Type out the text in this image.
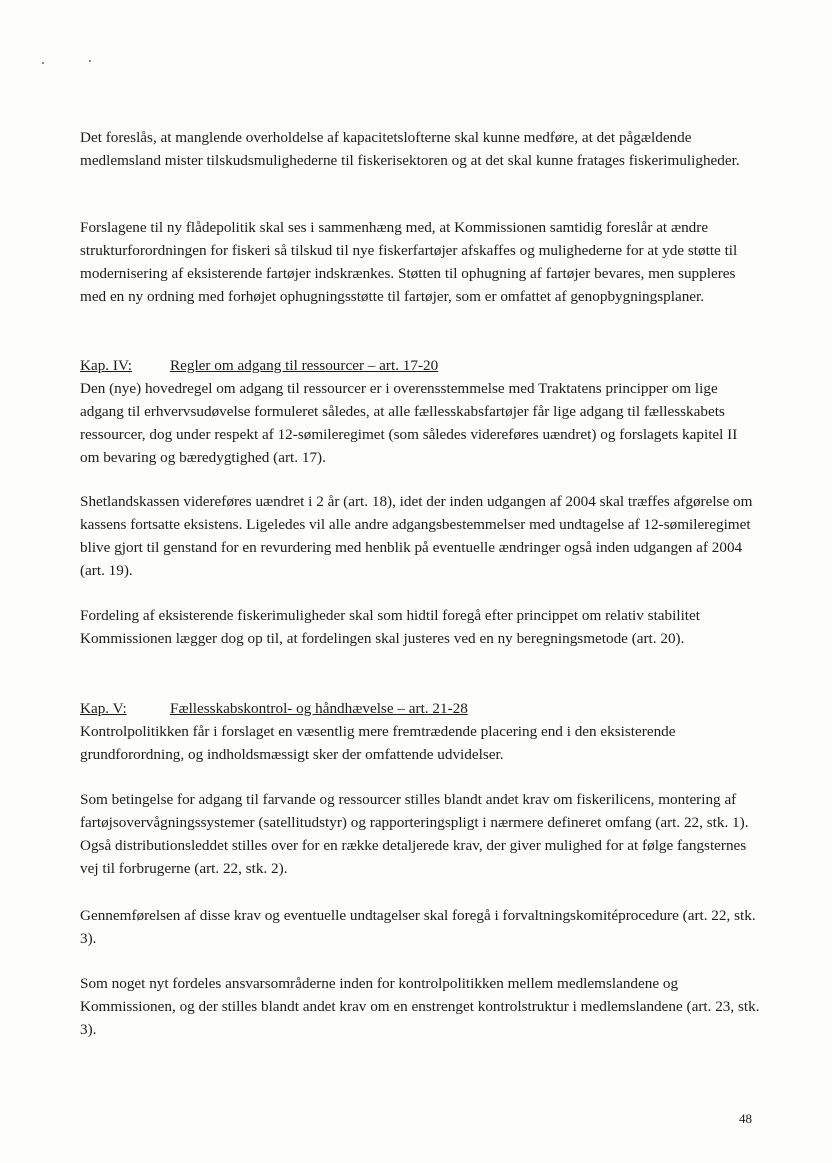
Det foreslås, at manglende overholdelse af kapacitetslofterne skal kunne medføre, at det pågældende medlemsland mister tilskudsmulighederne til fiskerisektoren og at det skal kunne fratages fiskerimuligheder.

Forslagene til ny flådepolitik skal ses i sammenhæng med, at Kommissionen samtidig foreslår at ændre strukturforordningen for fiskeri så tilskud til nye fiskerfartøjer afskaffes og mulighederne for at yde støtte til modernisering af eksisterende fartøjer indskrænkes. Støtten til ophugning af fartøjer bevares, men suppleres med en ny ordning med forhøjet ophugningsstøtte til fartøjer, som er omfattet af genopbygningsplaner.

Kap. IV: Regler om adgang til ressourcer – art. 17-20

Den (nye) hovedregel om adgang til ressourcer er i overensstemmelse med Traktatens principper om lige adgang til erhvervsudøvelse formuleret således, at alle fællesskabsfartøjer får lige adgang til fællesskabets ressourcer, dog under respekt af 12-sømileregimet (som således videreføres uændret) og forslagets kapitel II om bevaring og bæredygtighed (art. 17).

Shetlandskassen videreføres uændret i 2 år (art. 18), idet der inden udgangen af 2004 skal træffes afgørelse om kassens fortsatte eksistens. Ligeledes vil alle andre adgangsbestemmelser med undtagelse af 12-sømileregimet blive gjort til genstand for en revurdering med henblik på eventuelle ændringer også inden udgangen af 2004 (art. 19).

Fordeling af eksisterende fiskerimuligheder skal som hidtil foregå efter princippet om relativ stabilitet Kommissionen lægger dog op til, at fordelingen skal justeres ved en ny beregningsmetode (art. 20).

Kap. V:	Fællesskabskontrol- og håndhævelse – art. 21-28

Kontrolpolitikken får i forslaget en væsentlig mere fremtrædende placering end i den eksisterende grundforordning, og indholdsmæssigt sker der omfattende udvidelser.

Som betingelse for adgang til farvande og ressourcer stilles blandt andet krav om fiskerilicens, montering af fartøjsovervågningssystemer (satellitudstyr) og rapporteringspligt i nærmere defineret omfang (art. 22, stk. 1). Også distributionsleddet stilles over for en række detaljerede krav, der giver mulighed for at følge fangsternes vej til forbrugerne (art. 22, stk. 2).

Gennemførelsen af disse krav og eventuelle undtagelser skal foregå i forvaltningskomitéprocedure (art. 22, stk. 3).

Som noget nyt fordeles ansvarsområderne inden for kontrolpolitikken mellem medlemslandene og Kommissionen, og der stilles blandt andet krav om en enstrenget kontrolstruktur i medlemslandene (art. 23, stk. 3).

48
